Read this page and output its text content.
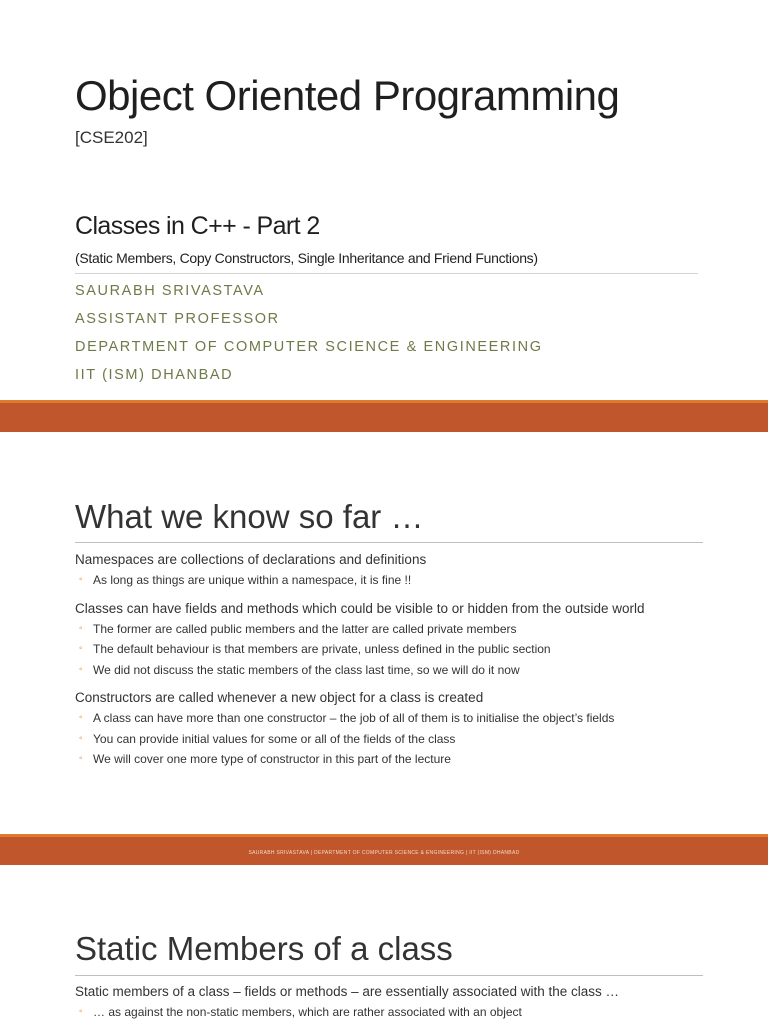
Object Oriented Programming
[CSE202]
Classes in C++ - Part 2
(Static Members, Copy Constructors, Single Inheritance and Friend Functions)
SAURABH SRIVASTAVA
ASSISTANT PROFESSOR
DEPARTMENT OF COMPUTER SCIENCE & ENGINEERING
IIT (ISM) DHANBAD
What we know so far …

Namespaces are collections of declarations and definitions

◦ As long as things are unique within a namespace, it is fine !!

Classes can have fields and methods which could be visible to or hidden from the outside world

◦ The former are called public members and the latter are called private members
◦ The default behaviour is that members are private, unless defined in the public section
◦ We did not discuss the static members of the class last time, so we will do it now

Constructors are called whenever a new object for a class is created

◦ A class can have more than one constructor – the job of all of them is to initialise the object’s fields
◦ You can provide initial values for some or all of the fields of the class
◦ We will cover one more type of constructor in this part of the lecture
SAURABH SRIVASTAVA | DEPARTMENT OF COMPUTER SCIENCE & ENGINEERING | IIT (ISM) DHANBAD
Static Members of a class

Static members of a class – fields or methods – are essentially associated with the class …

◦ … as against the non-static members, which are rather associated with an object
